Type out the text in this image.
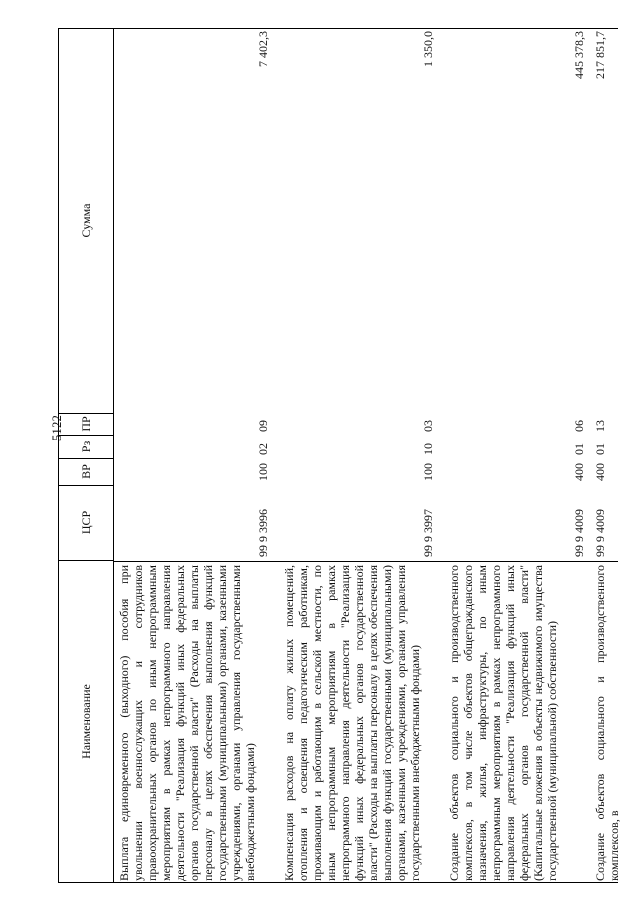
5122
Наименование
ЦСР
ВР
Рз
ПР
Сумма
Выплата единовременного (выходного) пособия при увольнении военнослужащих и сотрудников правоохранительных органов по иным непрограммным мероприятиям в рамках непрограммного направления деятельности "Реализация функций иных федеральных органов государственной власти" (Расходы на выплаты персоналу в целях обеспечения выполнения функций государственными (муниципальными) органами, казенными учреждениями, органами управления государственными внебюджетными фондами)
99 9 3996
100
02
09
7 402,3
Компенсация расходов на оплату жилых помещений, отопления и освещения педагогическим работникам, проживающим и работающим в сельской местности, по иным непрограммным мероприятиям в рамках непрограммного направления деятельности "Реализация функций иных федеральных органов государственной власти" (Расходы на выплаты персоналу в целях обеспечения выполнения функций государственными (муниципальными) органами, казенными учреждениями, органами управления государственными внебюджетными фондами)
99 9 3997
100
10
03
1 350,0
Создание объектов социального и производственного комплексов, в том числе объектов общегражданского назначения, жилья, инфраструктуры, по иным непрограммным мероприятиям в рамках непрограммного направления деятельности "Реализация функций иных федеральных органов государственной власти" (Капитальные вложения в объекты недвижимого имущества государственной (муниципальной) собственности)
99 9 4009
400
01
06
445 378,3
Создание объектов социального и производственного комплексов, в
99 9 4009
400
01
13
217 851,7
